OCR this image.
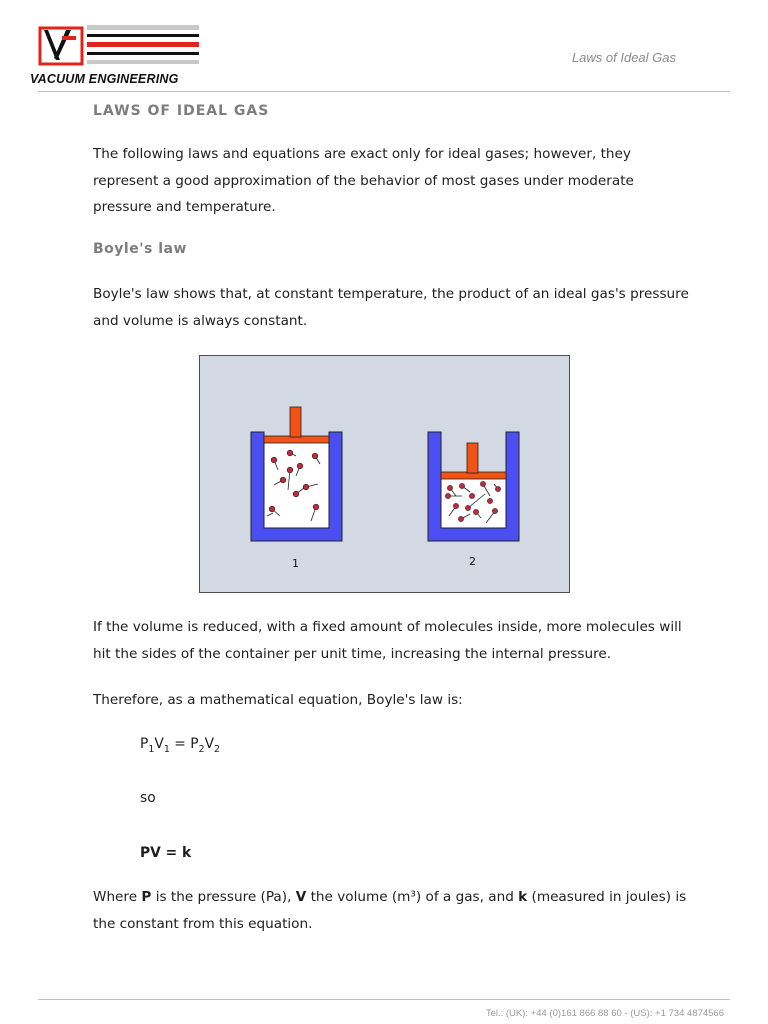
VACUUM ENGINEERING
Laws of Ideal Gas
LAWS OF IDEAL GAS

The following laws and equations are exact only for ideal gases; however, they represent a good approximation of the behavior of most gases under moderate pressure and temperature.

Boyle's law

Boyle's law shows that, at constant temperature, the product of an ideal gas's pressure and volume is always constant.

If the volume is reduced, with a fixed amount of molecules inside, more molecules will hit the sides of the container per unit time, increasing the internal pressure.

Therefore, as a mathematical equation, Boyle's law is:

Where P is the pressure (Pa), V the volume (m³) of a gas, and k (measured in joules) is the constant from this equation.

1	2
$P_1V_1 = P_2V_2$
so
PV = k
Tel.: (UK): +44 (0)161 866 88 60 - (US): +1 734 4874566
